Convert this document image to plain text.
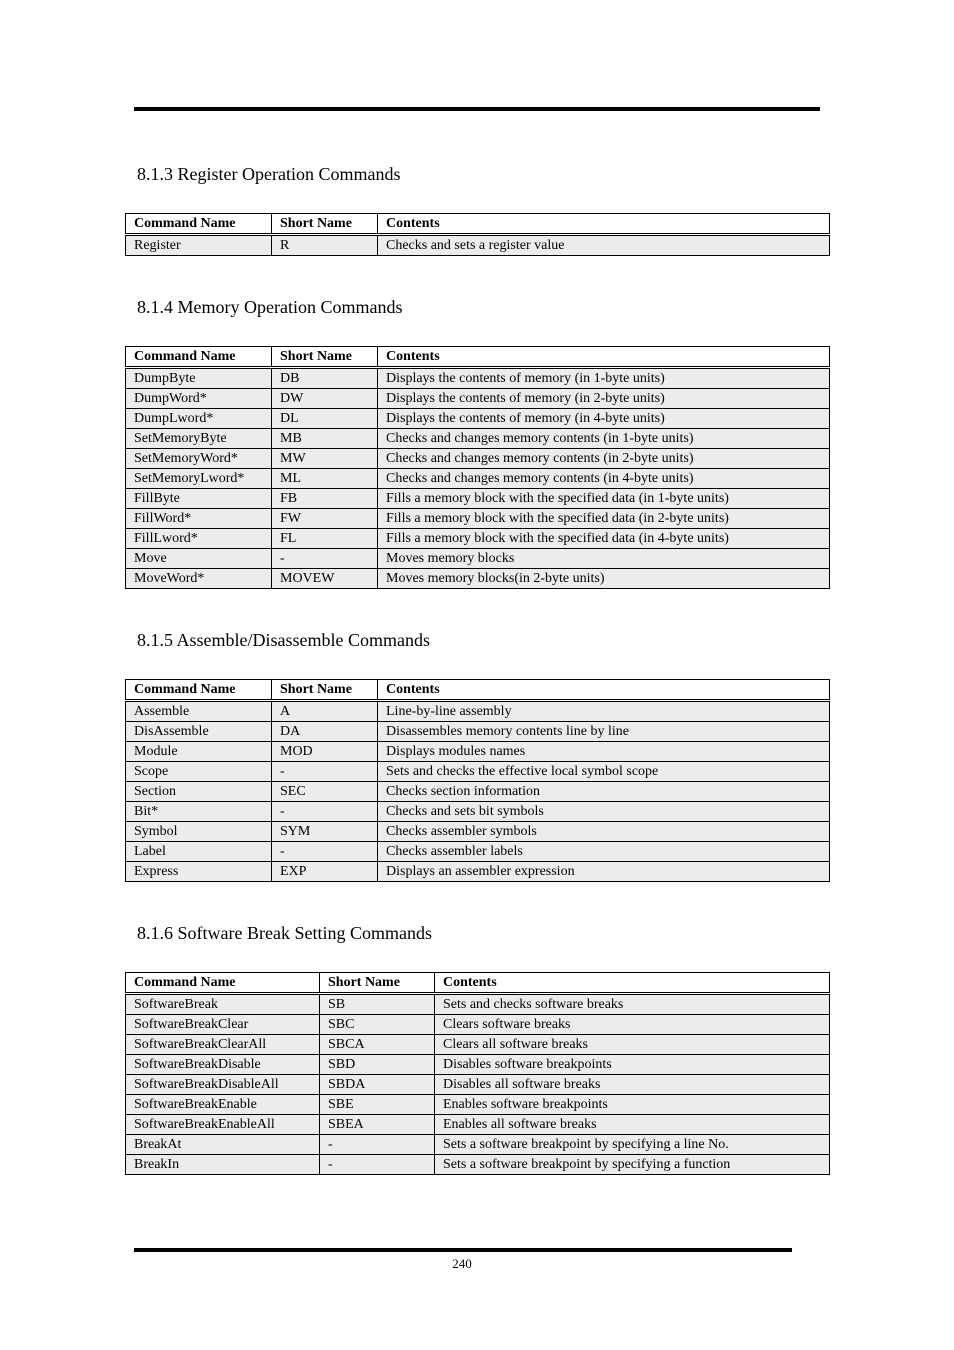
8.1.3 Register Operation Commands
Command Name	Short Name	Contents
Register	R	Checks and sets a register value
8.1.4 Memory Operation Commands
Command Name	Short Name	Contents
DumpByte	DB	Displays the contents of memory (in 1-byte units)
DumpWord*	DW	Displays the contents of memory (in 2-byte units)
DumpLword*	DL	Displays the contents of memory (in 4-byte units)
SetMemoryByte	MB	Checks and changes memory contents (in 1-byte units)
SetMemoryWord*	MW	Checks and changes memory contents (in 2-byte units)
SetMemoryLword*	ML	Checks and changes memory contents (in 4-byte units)
FillByte	FB	Fills a memory block with the specified data (in 1-byte units)
FillWord*	FW	Fills a memory block with the specified data (in 2-byte units)
FillLword*	FL	Fills a memory block with the specified data (in 4-byte units)
Move	-	Moves memory blocks
MoveWord*	MOVEW	Moves memory blocks(in 2-byte units)
8.1.5 Assemble/Disassemble Commands
Command Name	Short Name	Contents
Assemble	A	Line-by-line assembly
DisAssemble	DA	Disassembles memory contents line by line
Module	MOD	Displays modules names
Scope	-	Sets and checks the effective local symbol scope
Section	SEC	Checks section information
Bit*	-	Checks and sets bit symbols
Symbol	SYM	Checks assembler symbols
Label	-	Checks assembler labels
Express	EXP	Displays an assembler expression
8.1.6 Software Break Setting Commands
Command Name	Short Name	Contents
SoftwareBreak	SB	Sets and checks software breaks
SoftwareBreakClear	SBC	Clears software breaks
SoftwareBreakClearAll	SBCA	Clears all software breaks
SoftwareBreakDisable	SBD	Disables software breakpoints
SoftwareBreakDisableAll	SBDA	Disables all software breaks
SoftwareBreakEnable	SBE	Enables software breakpoints
SoftwareBreakEnableAll	SBEA	Enables all software breaks
BreakAt	-	Sets a software breakpoint by specifying a line No.
BreakIn	-	Sets a software breakpoint by specifying a function
240
